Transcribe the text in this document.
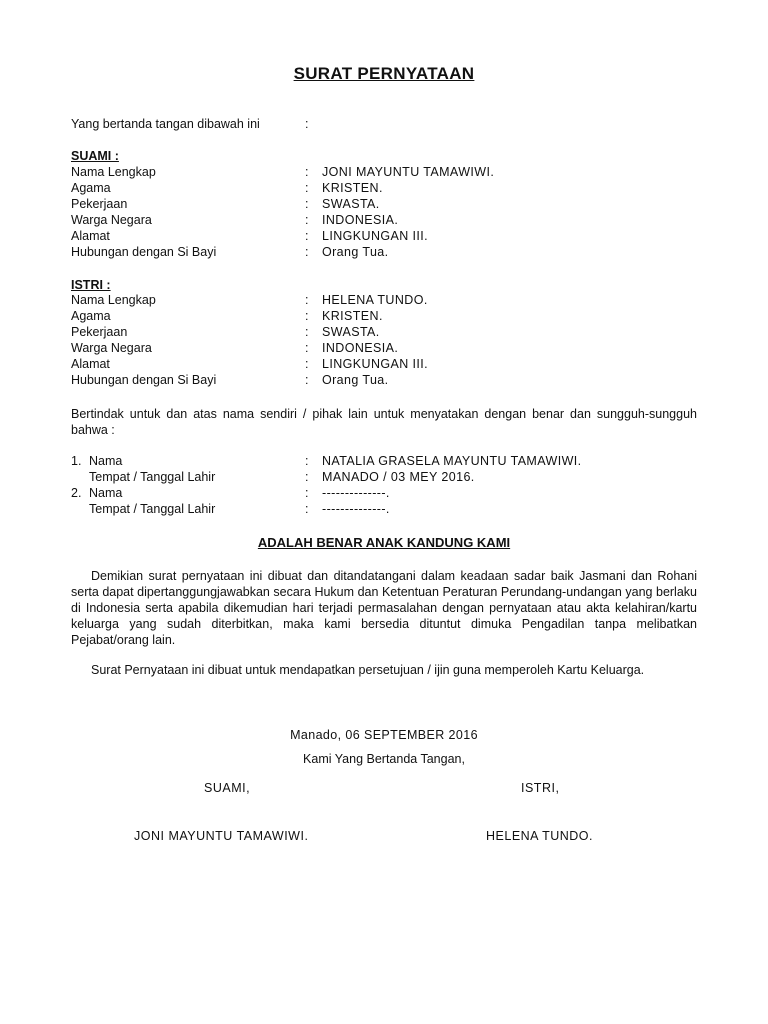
SURAT PERNYATAAN
Yang bertanda tangan dibawah ini	:
SUAMI :
Nama Lengkap	: JONI MAYUNTU TAMAWIWI.
Agama	: KRISTEN.
Pekerjaan	: SWASTA.
Warga Negara	: INDONESIA.
Alamat	: LINGKUNGAN III.
Hubungan dengan Si Bayi	: Orang Tua.
ISTRI :
Nama Lengkap	: HELENA TUNDO.
Agama	: KRISTEN.
Pekerjaan	: SWASTA.
Warga Negara	: INDONESIA.
Alamat	: LINGKUNGAN III.
Hubungan dengan Si Bayi	: Orang Tua.
Bertindak untuk dan atas nama sendiri / pihak lain untuk menyatakan dengan benar dan sungguh-sungguh bahwa :
1. Nama	: NATALIA GRASELA MAYUNTU TAMAWIWI.
Tempat / Tanggal Lahir	: MANADO / 03 MEY 2016.
2. Nama	: --------------.
Tempat / Tanggal Lahir	: --------------.
ADALAH BENAR ANAK KANDUNG KAMI
Demikian surat pernyataan ini dibuat dan ditandatangani dalam keadaan sadar baik Jasmani dan Rohani serta dapat dipertanggungjawabkan secara Hukum dan Ketentuan Peraturan Perundang-undangan yang berlaku di Indonesia serta apabila dikemudian hari terjadi permasalahan dengan pernyataan atau akta kelahiran/kartu keluarga yang sudah diterbitkan, maka kami bersedia dituntut dimuka Pengadilan tanpa melibatkan Pejabat/orang lain.
Surat Pernyataan ini dibuat untuk mendapatkan persetujuan / ijin guna memperoleh Kartu Keluarga.
Manado, 06 SEPTEMBER 2016
Kami Yang Bertanda Tangan,
SUAMI,	ISTRI,
JONI MAYUNTU TAMAWIWI.	HELENA TUNDO.
